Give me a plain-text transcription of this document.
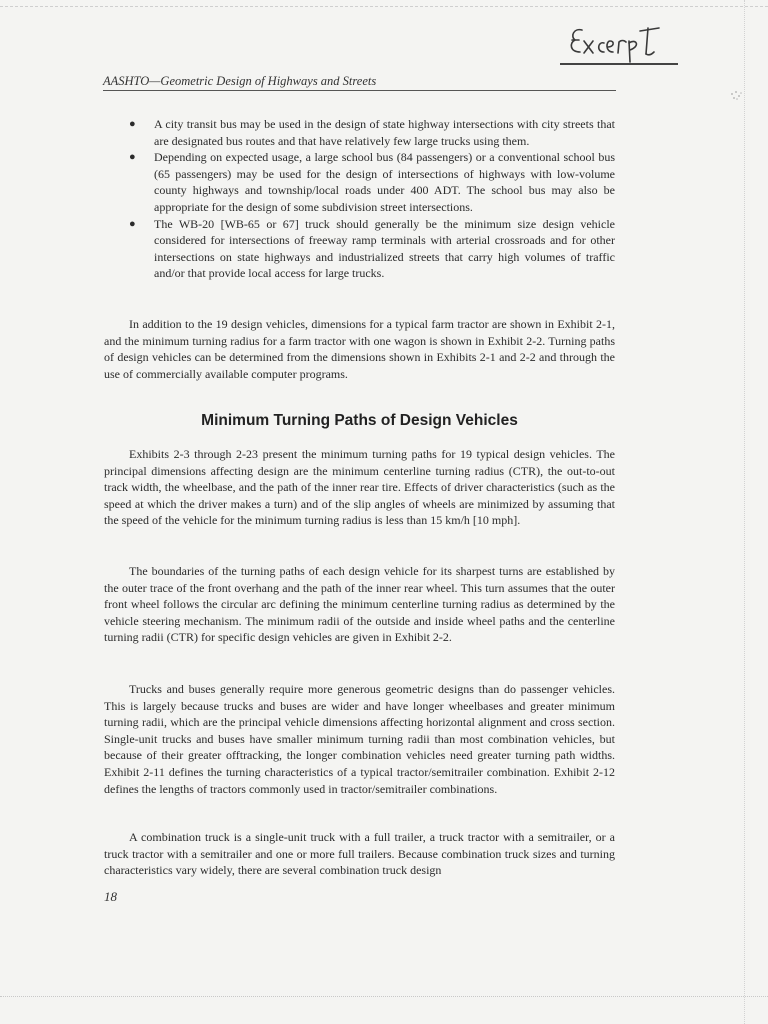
AASHTO—Geometric Design of Highways and Streets
● A city transit bus may be used in the design of state highway intersections with city streets that are designated bus routes and that have relatively few large trucks using them.
● Depending on expected usage, a large school bus (84 passengers) or a conventional school bus (65 passengers) may be used for the design of intersections of highways with low-volume county highways and township/local roads under 400 ADT. The school bus may also be appropriate for the design of some subdivision street intersections.
● The WB-20 [WB-65 or 67] truck should generally be the minimum size design vehicle considered for intersections of freeway ramp terminals with arterial crossroads and for other intersections on state highways and industrialized streets that carry high volumes of traffic and/or that provide local access for large trucks.

In addition to the 19 design vehicles, dimensions for a typical farm tractor are shown in Exhibit 2-1, and the minimum turning radius for a farm tractor with one wagon is shown in Exhibit 2-2. Turning paths of design vehicles can be determined from the dimensions shown in Exhibits 2-1 and 2-2 and through the use of commercially available computer programs.

Minimum Turning Paths of Design Vehicles

Exhibits 2-3 through 2-23 present the minimum turning paths for 19 typical design vehicles. The principal dimensions affecting design are the minimum centerline turning radius (CTR), the out-to-out track width, the wheelbase, and the path of the inner rear tire. Effects of driver characteristics (such as the speed at which the driver makes a turn) and of the slip angles of wheels are minimized by assuming that the speed of the vehicle for the minimum turning radius is less than 15 km/h [10 mph].

The boundaries of the turning paths of each design vehicle for its sharpest turns are established by the outer trace of the front overhang and the path of the inner rear wheel. This turn assumes that the outer front wheel follows the circular arc defining the minimum centerline turning radius as determined by the vehicle steering mechanism. The minimum radii of the outside and inside wheel paths and the centerline turning radii (CTR) for specific design vehicles are given in Exhibit 2-2.

Trucks and buses generally require more generous geometric designs than do passenger vehicles. This is largely because trucks and buses are wider and have longer wheelbases and greater minimum turning radii, which are the principal vehicle dimensions affecting horizontal alignment and cross section. Single-unit trucks and buses have smaller minimum turning radii than most combination vehicles, but because of their greater offtracking, the longer combination vehicles need greater turning path widths. Exhibit 2-11 defines the turning characteristics of a typical tractor/semitrailer combination. Exhibit 2-12 defines the lengths of tractors commonly used in tractor/semitrailer combinations.

A combination truck is a single-unit truck with a full trailer, a truck tractor with a semitrailer, or a truck tractor with a semitrailer and one or more full trailers. Because combination truck sizes and turning characteristics vary widely, there are several combination truck design

18
